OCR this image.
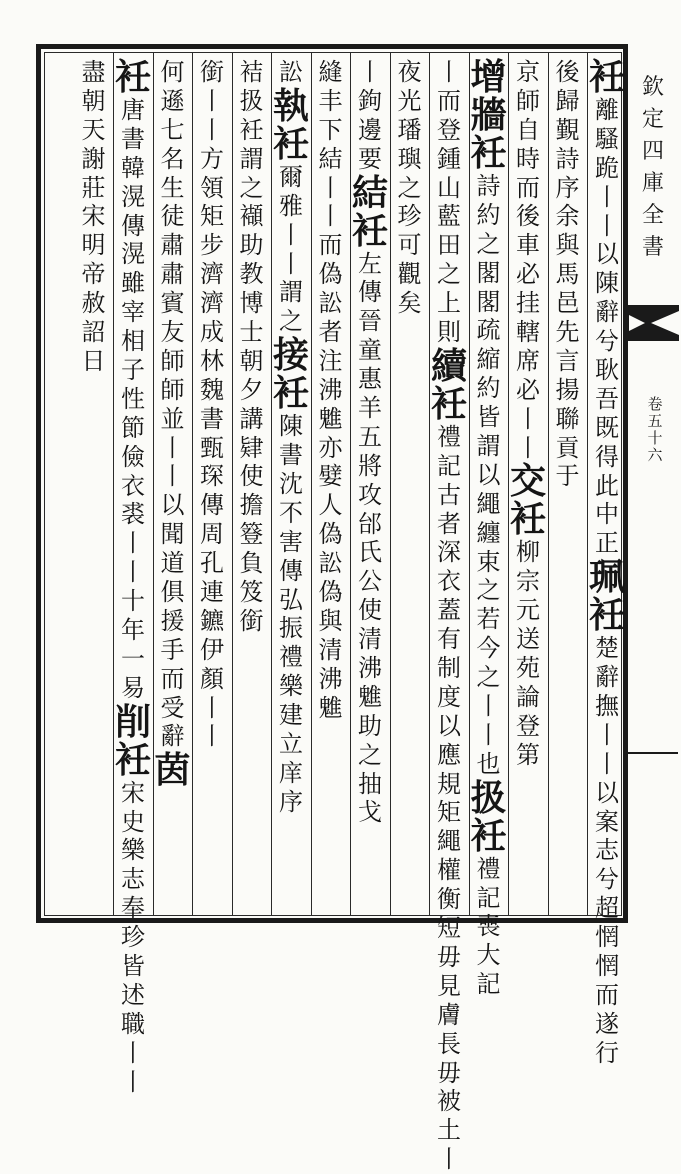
欽
定
四
庫
全
書
卷
五
十
六
衽
離
騷
跪
丨
丨
以
陳
辭
兮
耿
吾
既
得
此
中
正
珮
衽
楚
辭
撫
丨
丨
以
案
志
兮
超
惘
惘
而
遂
行
後
歸
覲
詩
序
余
與
馬
邑
先
言
揚
聯
貢
于
京
師
自
時
而
後
車
必
挂
轄
席
必
丨
丨
交
衽
柳
宗
元
送
苑
論
登
第
增
牆
衽
詩
約
之
閣
閣
疏
縮
約
皆
謂
以
繩
纏
束
之
若
今
之
丨
丨
也
扱
衽
禮
記
喪
大
記
丨
而
登
鍾
山
藍
田
之
上
則
續
衽
禮
記
古
者
深
衣
蓋
有
制
度
以
應
規
矩
繩
權
衡
短
毋
見
膚
長
毋
被
土
丨
夜
光
璠
璵
之
珍
可
觀
矣
丨
鉤
邊
要
結
衽
左
傳
晉
童
惠
羊
五
將
攻
邰
氏
公
使
清
沸
魋
助
之
抽
戈
縫
丰
下
結
丨
丨
而
偽
訟
者
注
沸
魋
亦
嬖
人
偽
訟
偽
與
清
沸
魋
訟
執
衽
爾
雅
丨
丨
謂
之
接
衽
陳
書
沈
不
害
傳
弘
振
禮
樂
建
立
庠
序
袺
扱
衽
謂
之
襭
助
教
博
士
朝
夕
講
肄
使
擔
簦
負
笈
銜
銜
丨
丨
方
領
矩
步
濟
濟
成
林
魏
書
甄
琛
傳
周
孔
連
鑣
伊
顏
丨
丨
何
遜
七
名
生
徒
肅
肅
賓
友
師
師
並
丨
丨
以
聞
道
俱
援
手
而
受
辭
茵
衽
唐
書
韓
滉
傳
滉
雖
宰
相
子
性
節
儉
衣
裘
丨
丨
十
年
一
易
削
衽
宋
史
樂
志
奉
珍
皆
述
職
丨
丨
盡
朝
天
謝
莊
宋
明
帝
赦
詔
日
